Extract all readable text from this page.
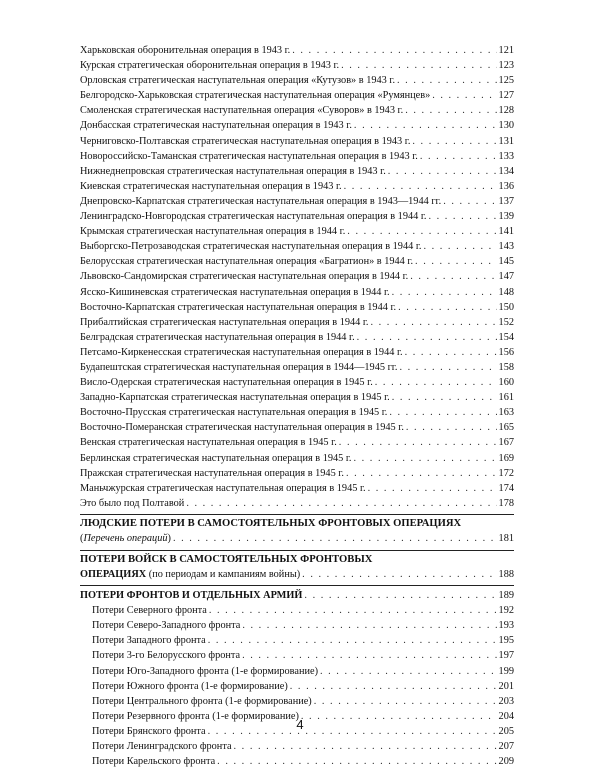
Харьковская оборонительная операция в 1943 г. . . .	121
Курская стратегическая оборонительная операция в 1943 г. . . .	123
Орловская стратегическая наступательная операция «Кутузов» в 1943 г. . . .	125
Белгородско-Харьковская стратегическая наступательная операция «Румянцев» . . .	127
Смоленская стратегическая наступательная операция «Суворов» в 1943 г. . . .	128
Донбасская стратегическая наступательная операция в 1943 г. . . .	130
Черниговско-Полтавская стратегическая наступательная операция в 1943 г. . . .	131
Новороссийско-Таманская стратегическая наступательная операция в 1943 г. . . .	133
Нижнеднепровская стратегическая наступательная операция в 1943 г. . . .	134
Киевская стратегическая наступательная операция в 1943 г. . . .	136
Днепровско-Карпатская стратегическая наступательная операция в 1943—1944 гг. . . .	137
Ленинградско-Новгородская стратегическая наступательная операция в 1944 г. . . .	139
Крымская стратегическая наступательная операция в 1944 г. . . .	141
Выборгско-Петрозаводская стратегическая наступательная операция в 1944 г. . . .	143
Белорусская стратегическая наступательная операция «Багратион» в 1944 г. . . .	145
Львовско-Сандомирская стратегическая наступательная операция в 1944 г. . . .	147
Ясско-Кишиневская стратегическая наступательная операция в 1944 г. . . .	148
Восточно-Карпатская стратегическая наступательная операция в 1944 г. . . .	150
Прибалтийская стратегическая наступательная операция в 1944 г. . . .	152
Белградская стратегическая наступательная операция в 1944 г. . . .	154
Петсамо-Киркенесская стратегическая наступательная операция в 1944 г. . . .	156
Будапештская стратегическая наступательная операция в 1944—1945 гг. . . .	158
Висло-Одерская стратегическая наступательная операция в 1945 г. . . .	160
Западно-Карпатская стратегическая наступательная операция в 1945 г. . . .	161
Восточно-Прусская стратегическая наступательная операция в 1945 г. . . .	163
Восточно-Померанская стратегическая наступательная операция в 1945 г. . . .	165
Венская стратегическая наступательная операция в 1945 г. . . .	167
Берлинская стратегическая наступательная операция в 1945 г. . . .	169
Пражская стратегическая наступательная операция в 1945 г. . . .	172
Маньчжурская стратегическая наступательная операция в 1945 г. . . .	174
Это было под Полтавой . . .	178
ЛЮДСКИЕ ПОТЕРИ В САМОСТОЯТЕЛЬНЫХ ФРОНТОВЫХ ОПЕРАЦИЯХ
(Перечень операций) . . .	181
ПОТЕРИ ВОЙСК В САМОСТОЯТЕЛЬНЫХ ФРОНТОВЫХ
ОПЕРАЦИЯХ (по периодам и кампаниям войны) . . .	188
ПОТЕРИ ФРОНТОВ И ОТДЕЛЬНЫХ АРМИЙ . . .	189
Потери Северного фронта . . .	192
Потери Северо-Западного фронта . . .	193
Потери Западного фронта . . .	195
Потери 3-го Белорусского фронта . . .	197
Потери Юго-Западного фронта (1-е формирование) . . .	199
Потери Южного фронта (1-е формирование) . . .	201
Потери Центрального фронта (1-е формирование) . . .	203
Потери Резервного фронта (1-е формирование) . . .	204
Потери Брянского фронта . . .	205
Потери Ленинградского фронта . . .	207
Потери Карельского фронта . . .	209
4
